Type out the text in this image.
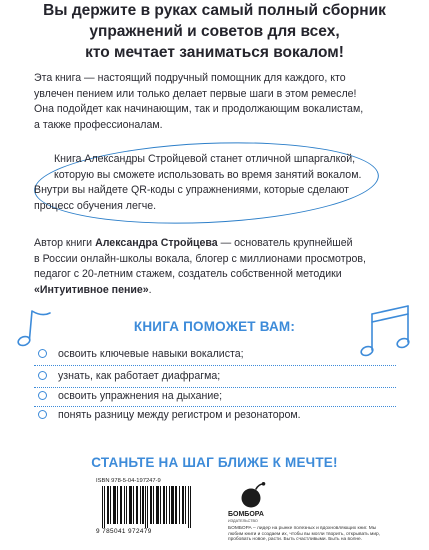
Вы держите в руках самый полный сборник
упражнений и советов для всех,
кто мечтает заниматься вокалом!
Эта книга — настоящий подручный помощник для каждого, кто
увлечен пением или только делает первые шаги в этом ремесле!
Она подойдет как начинающим, так и продолжающим вокалистам,
а также профессионалам.
Книга Александры Стройцевой станет отличной шпаргалкой,
которую вы сможете использовать во время занятий вокалом.
Внутри вы найдете QR-коды с упражнениями, которые сделают
процесс обучения легче.
Автор книги Александра Стройцева — основатель крупнейшей
в России онлайн-школы вокала, блогер с миллионами просмотров,
педагог с 20-летним стажем, создатель собственной методики
«Интуитивное пение».
КНИГА ПОМОЖЕТ ВАМ:
освоить ключевые навыки вокалиста;
узнать, как работает диафрагма;
освоить упражнения на дыхание;
понять разницу между регистром и резонатором.
СТАНЬТЕ НА ШАГ БЛИЖЕ К МЕЧТЕ!
ISBN 978-5-04-197247-9
9 785041 972479
БОМБОРА
ИЗДАТЕЛЬСТВО
БОМБОРА – лидер на рынке полезных и вдохновляющих книг. Мы любим книги и создаем их, чтобы вы могли творить, открывать мир, пробовать новое, расти. Быть счастливыми. Быть на волне.
